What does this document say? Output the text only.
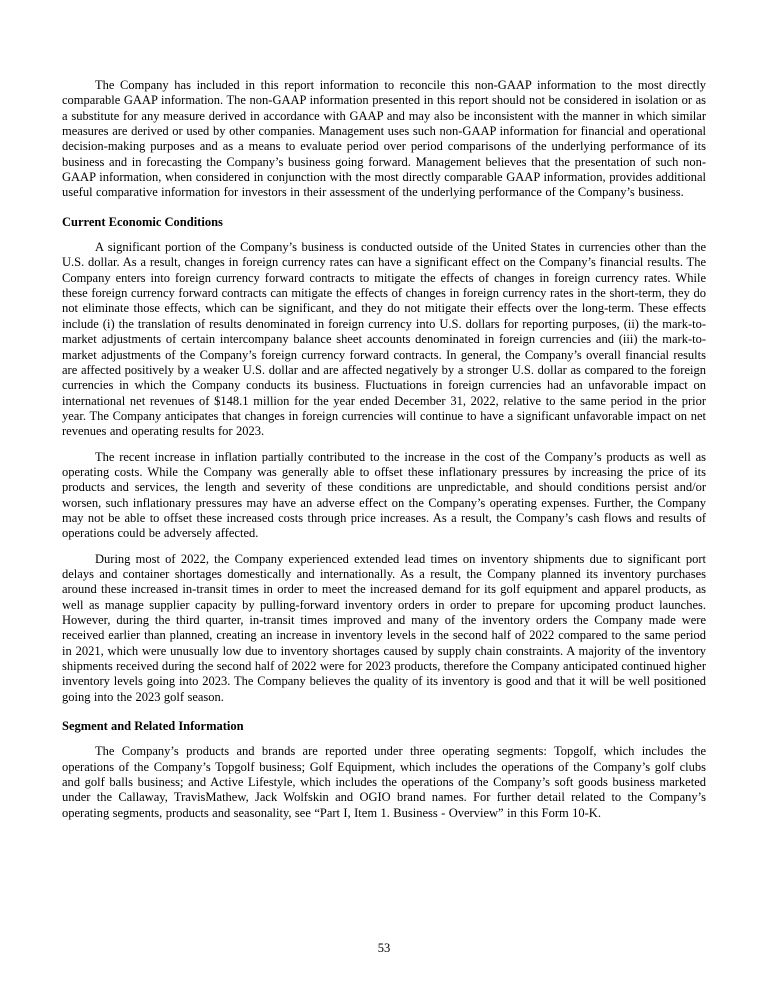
The Company has included in this report information to reconcile this non-GAAP information to the most directly comparable GAAP information. The non-GAAP information presented in this report should not be considered in isolation or as a substitute for any measure derived in accordance with GAAP and may also be inconsistent with the manner in which similar measures are derived or used by other companies. Management uses such non-GAAP information for financial and operational decision-making purposes and as a means to evaluate period over period comparisons of the underlying performance of its business and in forecasting the Company’s business going forward. Management believes that the presentation of such non-GAAP information, when considered in conjunction with the most directly comparable GAAP information, provides additional useful comparative information for investors in their assessment of the underlying performance of the Company’s business.

Current Economic Conditions

A significant portion of the Company’s business is conducted outside of the United States in currencies other than the U.S. dollar. As a result, changes in foreign currency rates can have a significant effect on the Company’s financial results. The Company enters into foreign currency forward contracts to mitigate the effects of changes in foreign currency rates. While these foreign currency forward contracts can mitigate the effects of changes in foreign currency rates in the short-term, they do not eliminate those effects, which can be significant, and they do not mitigate their effects over the long-term. These effects include (i) the translation of results denominated in foreign currency into U.S. dollars for reporting purposes, (ii) the mark-to-market adjustments of certain intercompany balance sheet accounts denominated in foreign currencies and (iii) the mark-to-market adjustments of the Company’s foreign currency forward contracts. In general, the Company’s overall financial results are affected positively by a weaker U.S. dollar and are affected negatively by a stronger U.S. dollar as compared to the foreign currencies in which the Company conducts its business. Fluctuations in foreign currencies had an unfavorable impact on international net revenues of $148.1 million for the year ended December 31, 2022, relative to the same period in the prior year. The Company anticipates that changes in foreign currencies will continue to have a significant unfavorable impact on net revenues and operating results for 2023.

The recent increase in inflation partially contributed to the increase in the cost of the Company’s products as well as operating costs. While the Company was generally able to offset these inflationary pressures by increasing the price of its products and services, the length and severity of these conditions are unpredictable, and should conditions persist and/or worsen, such inflationary pressures may have an adverse effect on the Company’s operating expenses. Further, the Company may not be able to offset these increased costs through price increases. As a result, the Company’s cash flows and results of operations could be adversely affected.

During most of 2022, the Company experienced extended lead times on inventory shipments due to significant port delays and container shortages domestically and internationally. As a result, the Company planned its inventory purchases around these increased in-transit times in order to meet the increased demand for its golf equipment and apparel products, as well as manage supplier capacity by pulling-forward inventory orders in order to prepare for upcoming product launches. However, during the third quarter, in-transit times improved and many of the inventory orders the Company made were received earlier than planned, creating an increase in inventory levels in the second half of 2022 compared to the same period in 2021, which were unusually low due to inventory shortages caused by supply chain constraints. A majority of the inventory shipments received during the second half of 2022 were for 2023 products, therefore the Company anticipated continued higher inventory levels going into 2023. The Company believes the quality of its inventory is good and that it will be well positioned going into the 2023 golf season.

Segment and Related Information

The Company’s products and brands are reported under three operating segments: Topgolf, which includes the operations of the Company’s Topgolf business; Golf Equipment, which includes the operations of the Company’s golf clubs and golf balls business; and Active Lifestyle, which includes the operations of the Company’s soft goods business marketed under the Callaway, TravisMathew, Jack Wolfskin and OGIO brand names. For further detail related to the Company’s operating segments, products and seasonality, see “Part I, Item 1. Business - Overview” in this Form 10-K.

53
